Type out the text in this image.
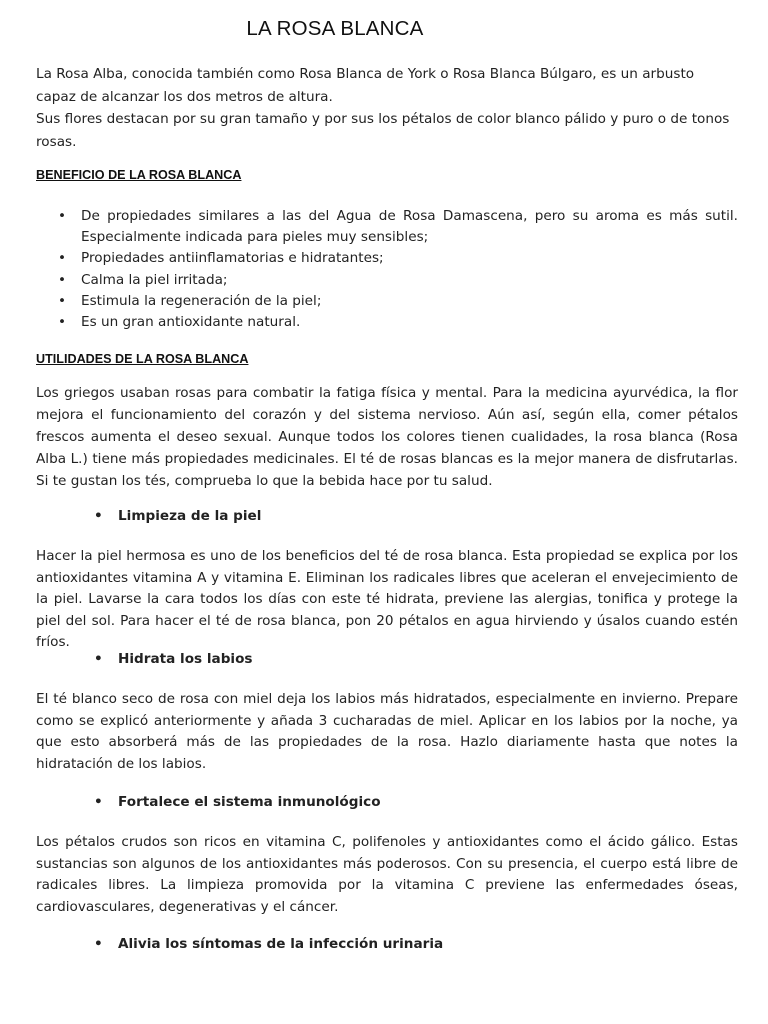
LA ROSA BLANCA

La Rosa Alba, conocida también como Rosa Blanca de York o Rosa Blanca Búlgaro, es un arbusto capaz de alcanzar los dos metros de altura.

Sus flores destacan por su gran tamaño y por sus los pétalos de color blanco pálido y puro o de tonos rosas.

BENEFICIO DE LA ROSA BLANCA

• De propiedades similares a las del Agua de Rosa Damascena, pero su aroma es más sutil. Especialmente indicada para pieles muy sensibles;
• Propiedades antiinflamatorias e hidratantes;
• Calma la piel irritada;
• Estimula la regeneración de la piel;
• Es un gran antioxidante natural.

UTILIDADES DE LA ROSA BLANCA

Los griegos usaban rosas para combatir la fatiga física y mental. Para la medicina ayurvédica, la flor mejora el funcionamiento del corazón y del sistema nervioso. Aún así, según ella, comer pétalos frescos aumenta el deseo sexual. Aunque todos los colores tienen cualidades, la rosa blanca (Rosa Alba L.) tiene más propiedades medicinales. El té de rosas blancas es la mejor manera de disfrutarlas. Si te gustan los tés, comprueba lo que la bebida hace por tu salud.

• Limpieza de la piel

Hacer la piel hermosa es uno de los beneficios del té de rosa blanca. Esta propiedad se explica por los antioxidantes vitamina A y vitamina E. Eliminan los radicales libres que aceleran el envejecimiento de la piel. Lavarse la cara todos los días con este té hidrata, previene las alergias, tonifica y protege la piel del sol. Para hacer el té de rosa blanca, pon 20 pétalos en agua hirviendo y úsalos cuando estén fríos.

• Hidrata los labios

El té blanco seco de rosa con miel deja los labios más hidratados, especialmente en invierno. Prepare como se explicó anteriormente y añada 3 cucharadas de miel. Aplicar en los labios por la noche, ya que esto absorberá más de las propiedades de la rosa. Hazlo diariamente hasta que notes la hidratación de los labios.

• Fortalece el sistema inmunológico

Los pétalos crudos son ricos en vitamina C, polifenoles y antioxidantes como el ácido gálico. Estas sustancias son algunos de los antioxidantes más poderosos. Con su presencia, el cuerpo está libre de radicales libres. La limpieza promovida por la vitamina C previene las enfermedades óseas, cardiovasculares, degenerativas y el cáncer.

• Alivia los síntomas de la infección urinaria
